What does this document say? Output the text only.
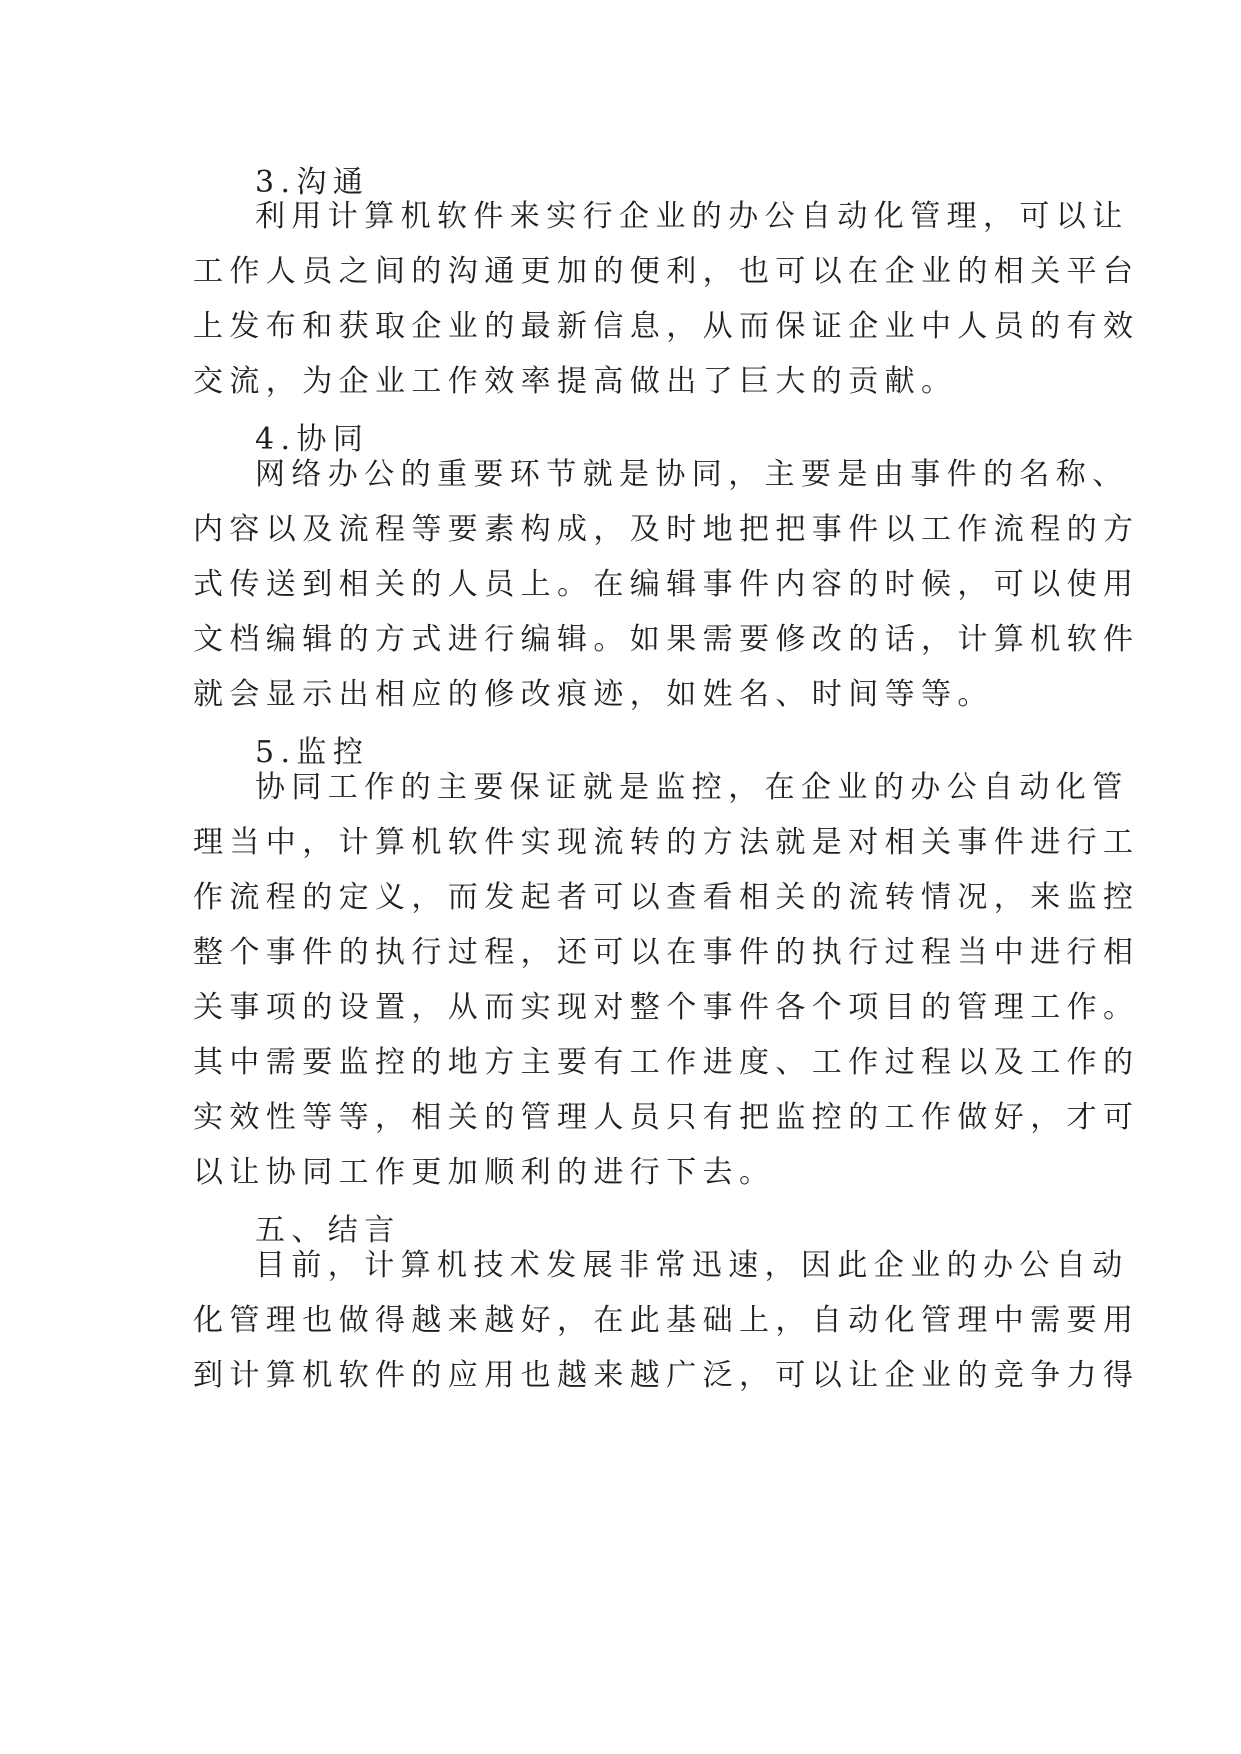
3.沟通

利用计算机软件来实行企业的办公自动化管理，可以让

工作人员之间的沟通更加的便利，也可以在企业的相关平台

上发布和获取企业的最新信息，从而保证企业中人员的有效

交流，为企业工作效率提高做出了巨大的贡献。

4.协同

网络办公的重要环节就是协同，主要是由事件的名称、

内容以及流程等要素构成，及时地把把事件以工作流程的方

式传送到相关的人员上。在编辑事件内容的时候，可以使用

文档编辑的方式进行编辑。如果需要修改的话，计算机软件

就会显示出相应的修改痕迹，如姓名、时间等等。

5.监控

协同工作的主要保证就是监控，在企业的办公自动化管

理当中，计算机软件实现流转的方法就是对相关事件进行工

作流程的定义，而发起者可以查看相关的流转情况，来监控

整个事件的执行过程，还可以在事件的执行过程当中进行相

关事项的设置，从而实现对整个事件各个项目的管理工作。

其中需要监控的地方主要有工作进度、工作过程以及工作的

实效性等等，相关的管理人员只有把监控的工作做好，才可

以让协同工作更加顺利的进行下去。

五、结言

目前，计算机技术发展非常迅速，因此企业的办公自动

化管理也做得越来越好，在此基础上，自动化管理中需要用

到计算机软件的应用也越来越广泛，可以让企业的竞争力得
